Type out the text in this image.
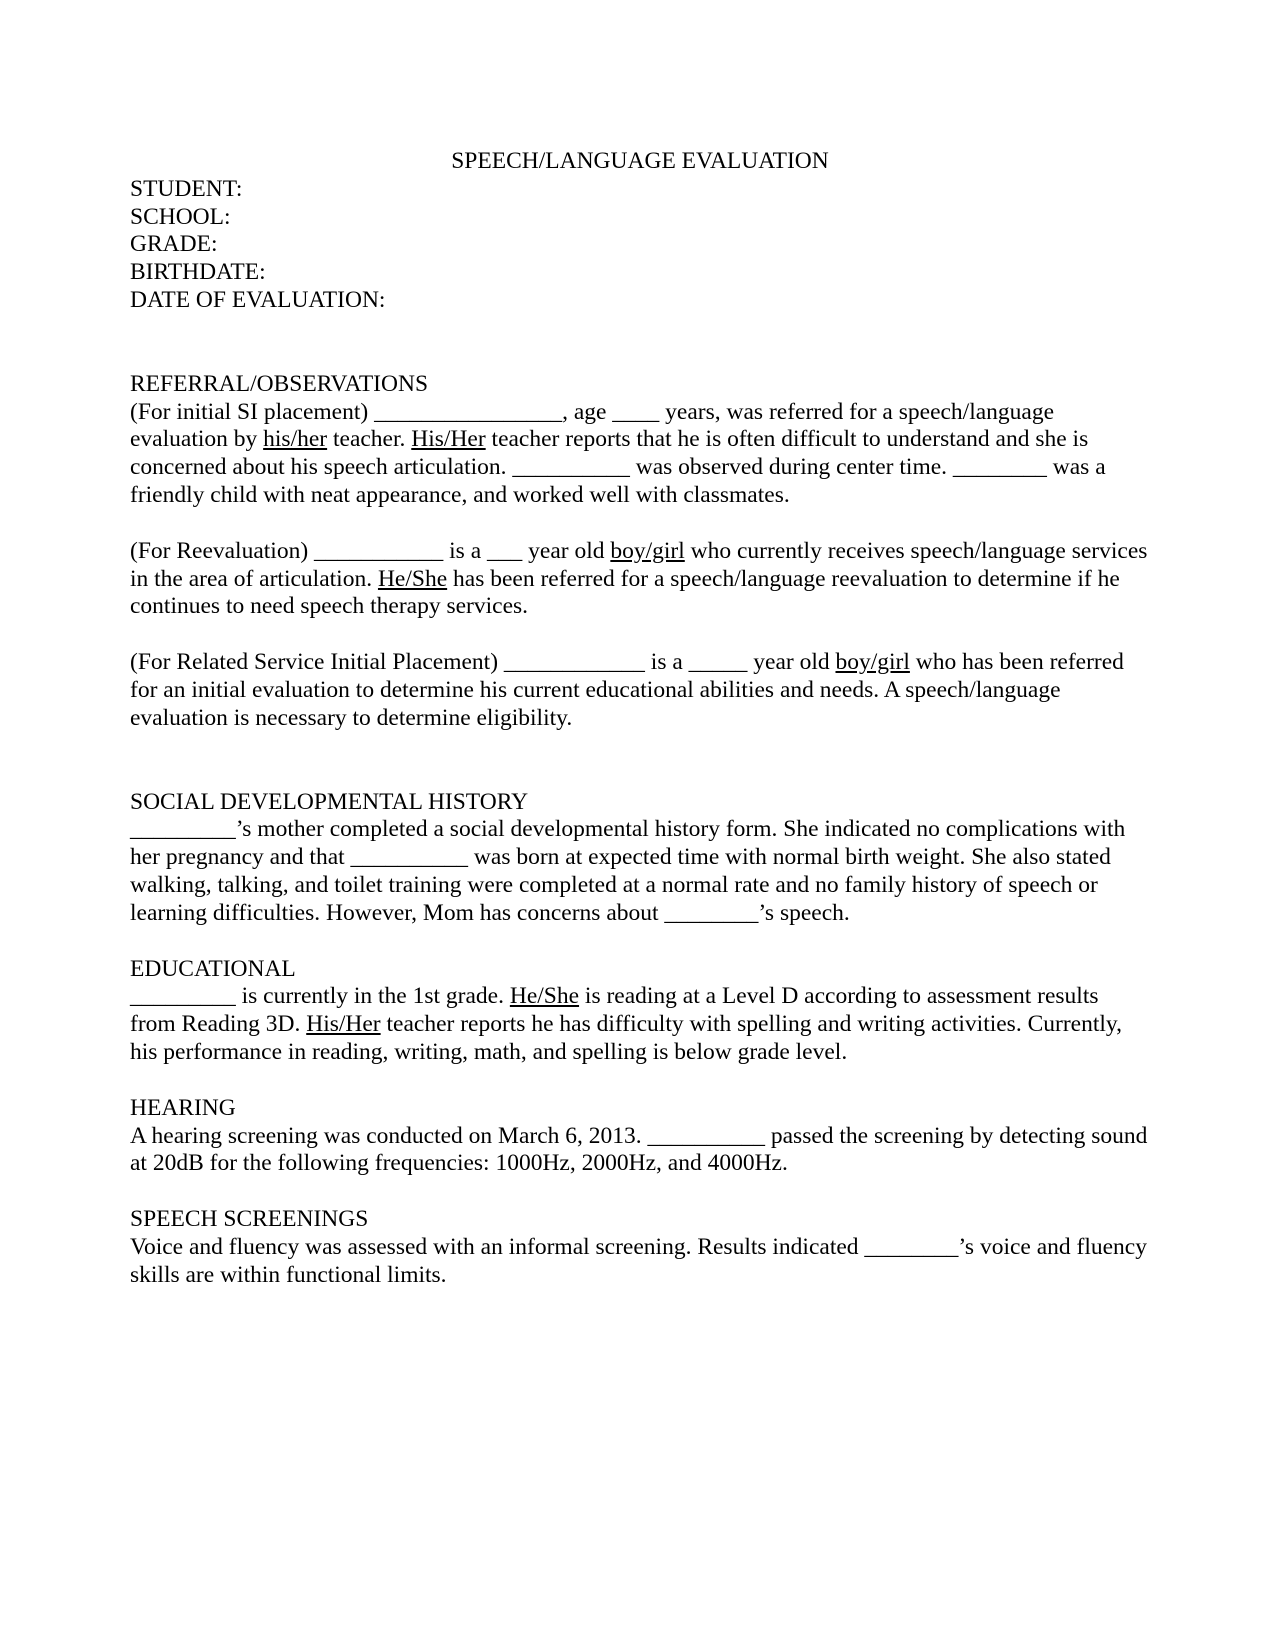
SPEECH/LANGUAGE EVALUATION

STUDENT:

SCHOOL:

GRADE:

BIRTHDATE:

DATE OF EVALUATION:

REFERRAL/OBSERVATIONS

(For initial SI placement) ________________, age ____ years, was referred for a speech/language evaluation by his/her teacher. His/Her teacher reports that he is often difficult to understand and she is concerned about his speech articulation. __________ was observed during center time. ________ was a friendly child with neat appearance, and worked well with classmates.

(For Reevaluation) ___________ is a ___ year old boy/girl who currently receives speech/language services in the area of articulation. He/She has been referred for a speech/language reevaluation to determine if he continues to need speech therapy services.

(For Related Service Initial Placement) ____________ is a _____ year old boy/girl who has been referred for an initial evaluation to determine his current educational abilities and needs. A speech/language evaluation is necessary to determine eligibility.

SOCIAL DEVELOPMENTAL HISTORY

_________’s mother completed a social developmental history form. She indicated no complications with her pregnancy and that __________ was born at expected time with normal birth weight. She also stated walking, talking, and toilet training were completed at a normal rate and no family history of speech or learning difficulties. However, Mom has concerns about ________’s speech.

EDUCATIONAL

_________ is currently in the 1st grade. He/She is reading at a Level D according to assessment results from Reading 3D. His/Her teacher reports he has difficulty with spelling and writing activities. Currently, his performance in reading, writing, math, and spelling is below grade level.

HEARING

A hearing screening was conducted on March 6, 2013. __________ passed the screening by detecting sound at 20dB for the following frequencies: 1000Hz, 2000Hz, and 4000Hz.

SPEECH SCREENINGS

Voice and fluency was assessed with an informal screening. Results indicated ________’s voice and fluency skills are within functional limits.
